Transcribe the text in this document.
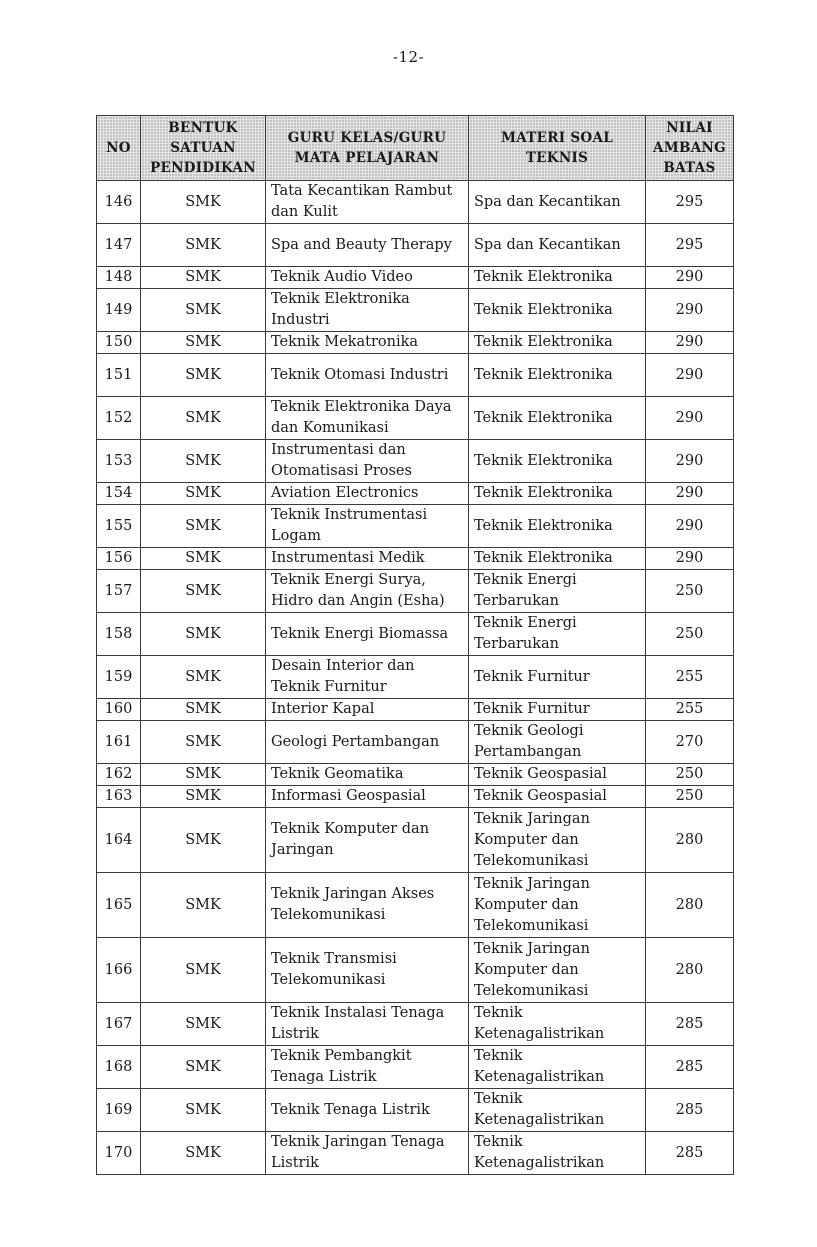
-12-
NO	BENTUK SATUAN PENDIDIKAN	GURU KELAS/GURU MATA PELAJARAN	MATERI SOAL TEKNIS	NILAI AMBANG BATAS
146	SMK	Tata Kecantikan Rambut dan Kulit	Spa dan Kecantikan	295
147	SMK	Spa and Beauty Therapy	Spa dan Kecantikan	295
148	SMK	Teknik Audio Video	Teknik Elektronika	290
149	SMK	Teknik Elektronika Industri	Teknik Elektronika	290
150	SMK	Teknik Mekatronika	Teknik Elektronika	290
151	SMK	Teknik Otomasi Industri	Teknik Elektronika	290
152	SMK	Teknik Elektronika Daya dan Komunikasi	Teknik Elektronika	290
153	SMK	Instrumentasi dan Otomatisasi Proses	Teknik Elektronika	290
154	SMK	Aviation Electronics	Teknik Elektronika	290
155	SMK	Teknik Instrumentasi Logam	Teknik Elektronika	290
156	SMK	Instrumentasi Medik	Teknik Elektronika	290
157	SMK	Teknik Energi Surya, Hidro dan Angin (Esha)	Teknik Energi Terbarukan	250
158	SMK	Teknik Energi Biomassa	Teknik Energi Terbarukan	250
159	SMK	Desain Interior dan Teknik Furnitur	Teknik Furnitur	255
160	SMK	Interior Kapal	Teknik Furnitur	255
161	SMK	Geologi Pertambangan	Teknik Geologi Pertambangan	270
162	SMK	Teknik Geomatika	Teknik Geospasial	250
163	SMK	Informasi Geospasial	Teknik Geospasial	250
164	SMK	Teknik Komputer dan Jaringan	Teknik Jaringan Komputer dan Telekomunikasi	280
165	SMK	Teknik Jaringan Akses Telekomunikasi	Teknik Jaringan Komputer dan Telekomunikasi	280
166	SMK	Teknik Transmisi Telekomunikasi	Teknik Jaringan Komputer dan Telekomunikasi	280
167	SMK	Teknik Instalasi Tenaga Listrik	Teknik Ketenagalistrikan	285
168	SMK	Teknik Pembangkit Tenaga Listrik	Teknik Ketenagalistrikan	285
169	SMK	Teknik Tenaga Listrik	Teknik Ketenagalistrikan	285
170	SMK	Teknik Jaringan Tenaga Listrik	Teknik Ketenagalistrikan	285
